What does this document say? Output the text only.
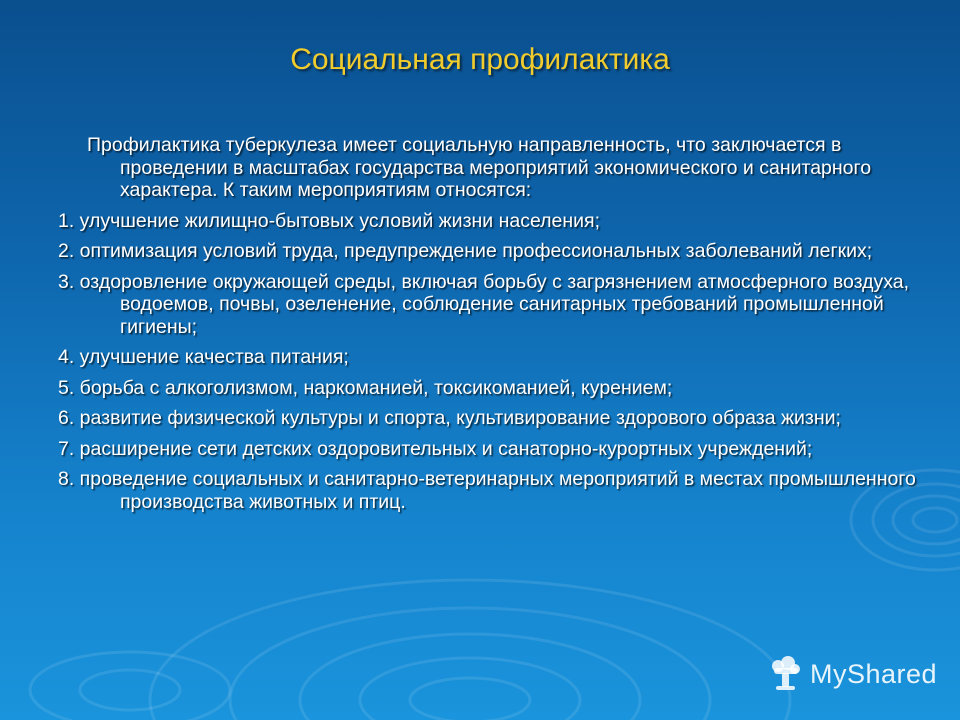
Социальная профилактика

Профилактика туберкулеза имеет социальную направленность, что заключается в проведении в масштабах государства мероприятий экономического и санитарного характера. К таким мероприятиям относятся:

1. улучшение жилищно-бытовых условий жизни населения;

2. оптимизация условий труда, предупреждение профессиональных заболеваний легких;

3. оздоровление окружающей среды, включая борьбу с загрязнением атмосферного воздуха, водоемов, почвы, озеленение, соблюдение санитарных требований промышленной гигиены;

4. улучшение качества питания;

5. борьба с алкоголизмом, наркоманией, токсикоманией, курением;

6. развитие физической культуры и спорта, культивирование здорового образа жизни;

7. расширение сети детских оздоровительных и санаторно-курортных учреждений;

8. проведение социальных и санитарно-ветеринарных мероприятий в местах промышленного производства животных и птиц.

MyShared
